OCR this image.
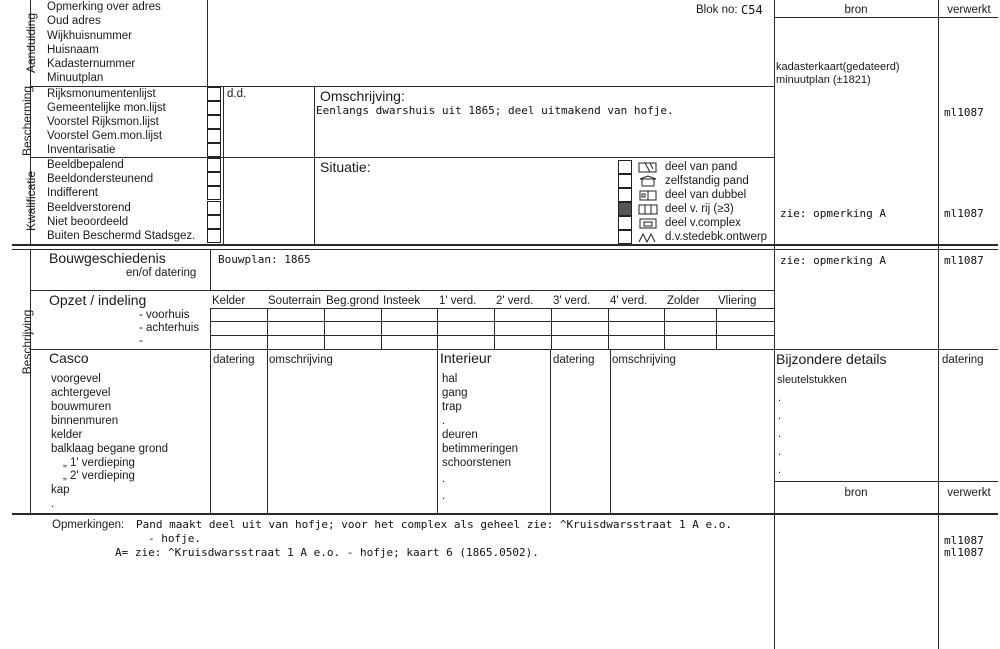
Aanduiding
Bescherming
Kwalificatie
Beschrijving
Opmerking over adres
Oud adres
Wijkhuisnummer
Huisnaam
Kadasternummer
Minuutplan
Blok no: C54	bron	verwerkt
kadasterkaart(gedateerd)
minuutplan (±1821)
Rijksmonumentenlijst
Gemeentelijke mon.lijst
Voorstel Rijksmon.lijst
Voorstel Gem.mon.lijst
Inventarisatie
d.d.	Omschrijving:
Eenlangs dwarshuis uit 1865; deel uitmakend van hofje.	ml1087
Beeldbepalend
Beeldondersteunend
Indifferent
Beeldverstorend
Niet beoordeeld
Buiten Beschermd Stadsgez.
Situatie:	deel van pand
zelfstandig pand
deel van dubbel
deel v. rij (≥3)
deel v.complex
d.v.stedebk.ontwerp
zie: opmerking A	ml1087
Bouwgeschiedenis
en/of datering
Bouwplan: 1865	zie: opmerking A	ml1087
Opzet / indeling
- voorhuis
- achterhuis
-
Kelder Souterrain Beg.grond Insteek 1' verd. 2' verd. 3' verd. 4' verd. Zolder Vliering
Casco	datering omschrijving
voorgevel
achtergevel
bouwmuren
binnenmuren
kelder
balklaag begane grond
„ 1' verdieping
„ 2' verdieping
kap
.
Interieur	datering omschrijving
hal
gang
trap
.
deuren
betimmeringen
schoorstenen
.
.
Bijzondere details	datering
sleutelstukken
.
.
.
.
.
bron	verwerkt
Opmerkingen: Pand maakt deel uit van hofje; voor het complex als geheel zie: ^Kruisdwarsstraat 1 A e.o.
- hofje.
A= zie: ^Kruisdwarsstraat 1 A e.o. - hofje; kaart 6 (1865.0502).
ml1087
ml1087
